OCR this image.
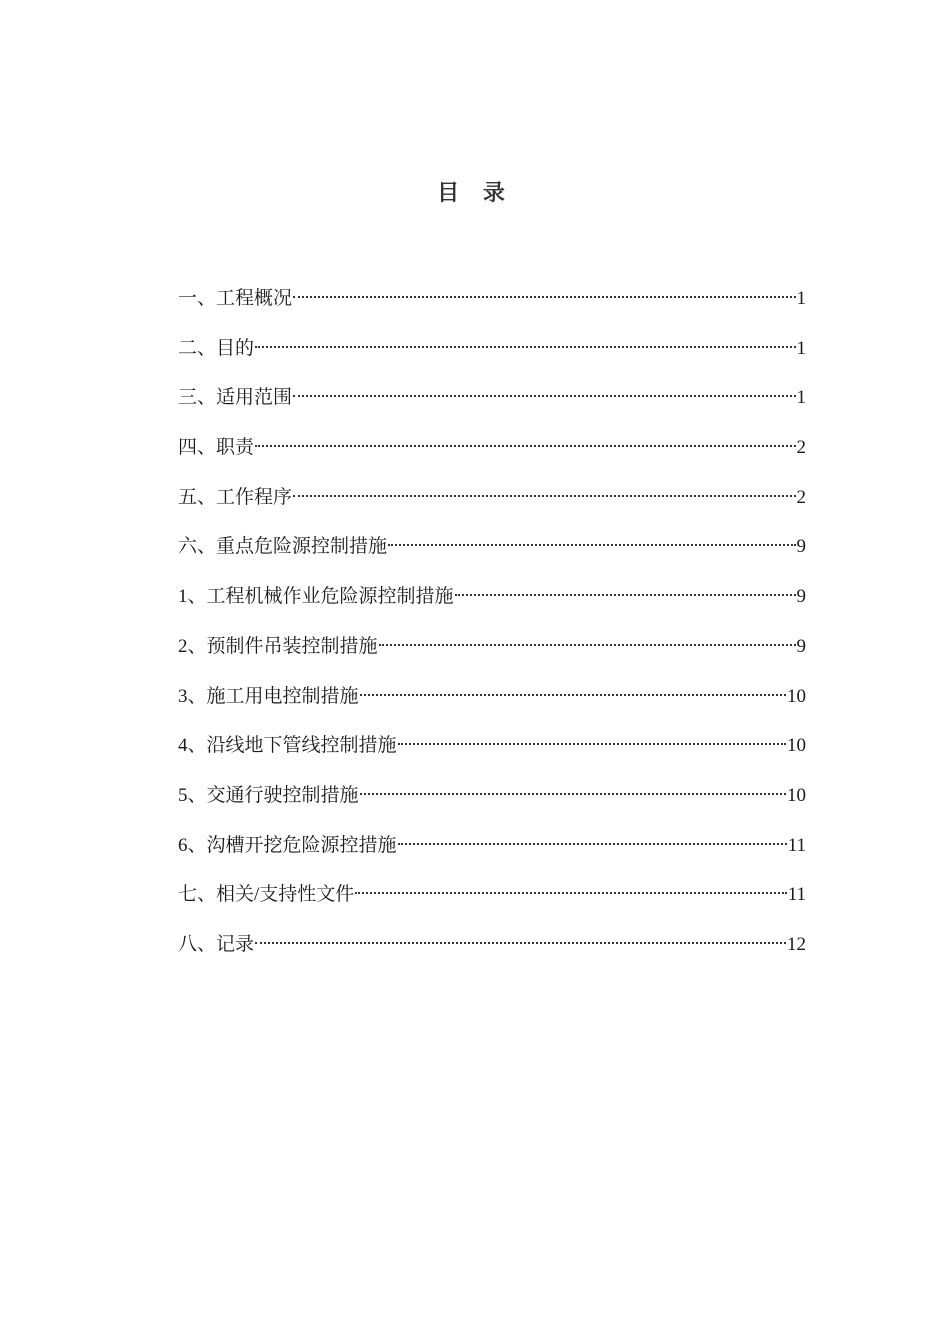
目 录
一、工程概况	1
二、目的	1
三、适用范围	1
四、职责	2
五、工作程序	2
六、重点危险源控制措施	9
1、工程机械作业危险源控制措施	9
2、预制件吊装控制措施	9
3、施工用电控制措施	10
4、沿线地下管线控制措施	10
5、交通行驶控制措施	10
6、沟槽开挖危险源控措施	11
七、相关/支持性文件	11
八、记录	12
